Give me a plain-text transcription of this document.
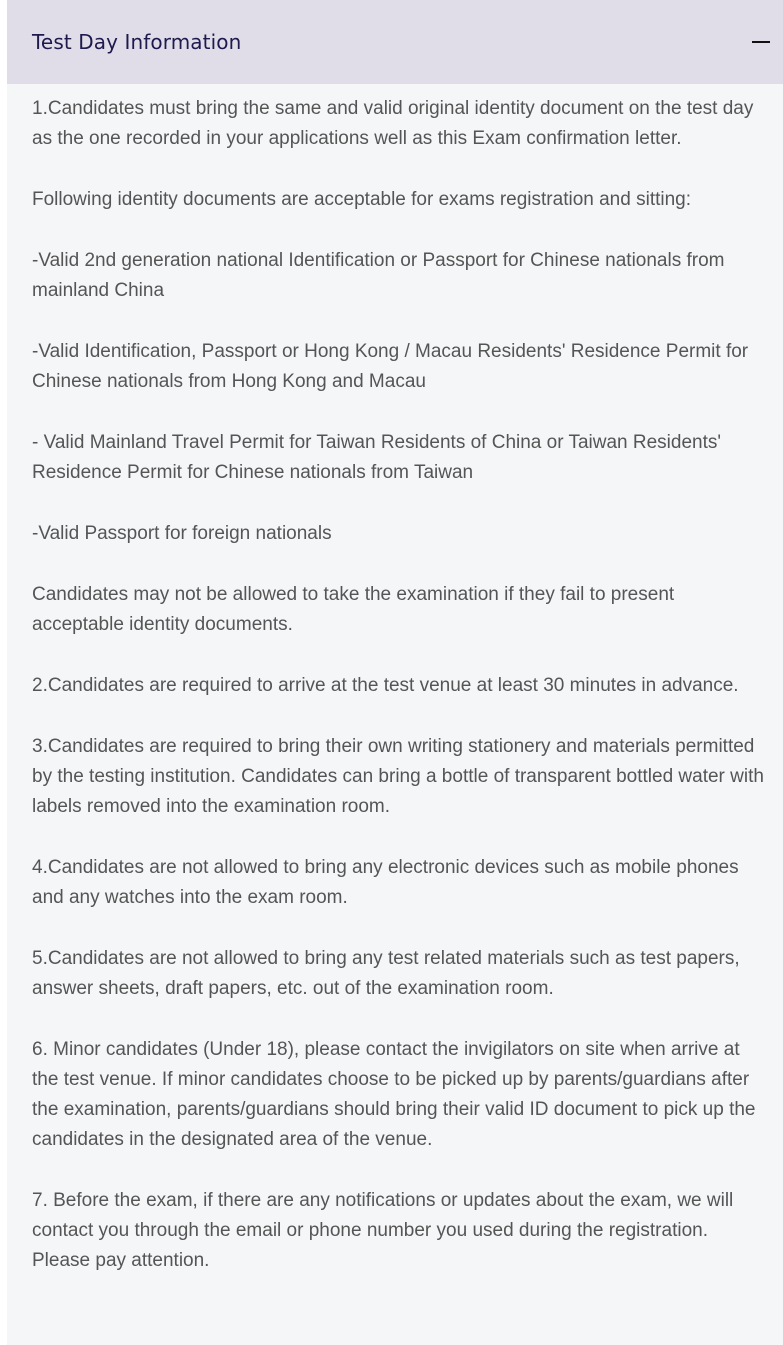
Test Day Information

1.Candidates must bring the same and valid original identity document on the test day as the one recorded in your applications well as this Exam confirmation letter.

Following identity documents are acceptable for exams registration and sitting:

-Valid 2nd generation national Identification or Passport for Chinese nationals from mainland China

-Valid Identification, Passport or Hong Kong / Macau Residents' Residence Permit for Chinese nationals from Hong Kong and Macau

- Valid Mainland Travel Permit for Taiwan Residents of China or Taiwan Residents' Residence Permit for Chinese nationals from Taiwan

-Valid Passport for foreign nationals

Candidates may not be allowed to take the examination if they fail to present acceptable identity documents.

2.Candidates are required to arrive at the test venue at least 30 minutes in advance.

3.Candidates are required to bring their own writing stationery and materials permitted by the testing institution. Candidates can bring a bottle of transparent bottled water with labels removed into the examination room.

4.Candidates are not allowed to bring any electronic devices such as mobile phones and any watches into the exam room.

5.Candidates are not allowed to bring any test related materials such as test papers, answer sheets, draft papers, etc. out of the examination room.

6. Minor candidates (Under 18), please contact the invigilators on site when arrive at the test venue. If minor candidates choose to be picked up by parents/guardians after the examination, parents/guardians should bring their valid ID document to pick up the candidates in the designated area of the venue.

7. Before the exam, if there are any notifications or updates about the exam, we will contact you through the email or phone number you used during the registration. Please pay attention.
